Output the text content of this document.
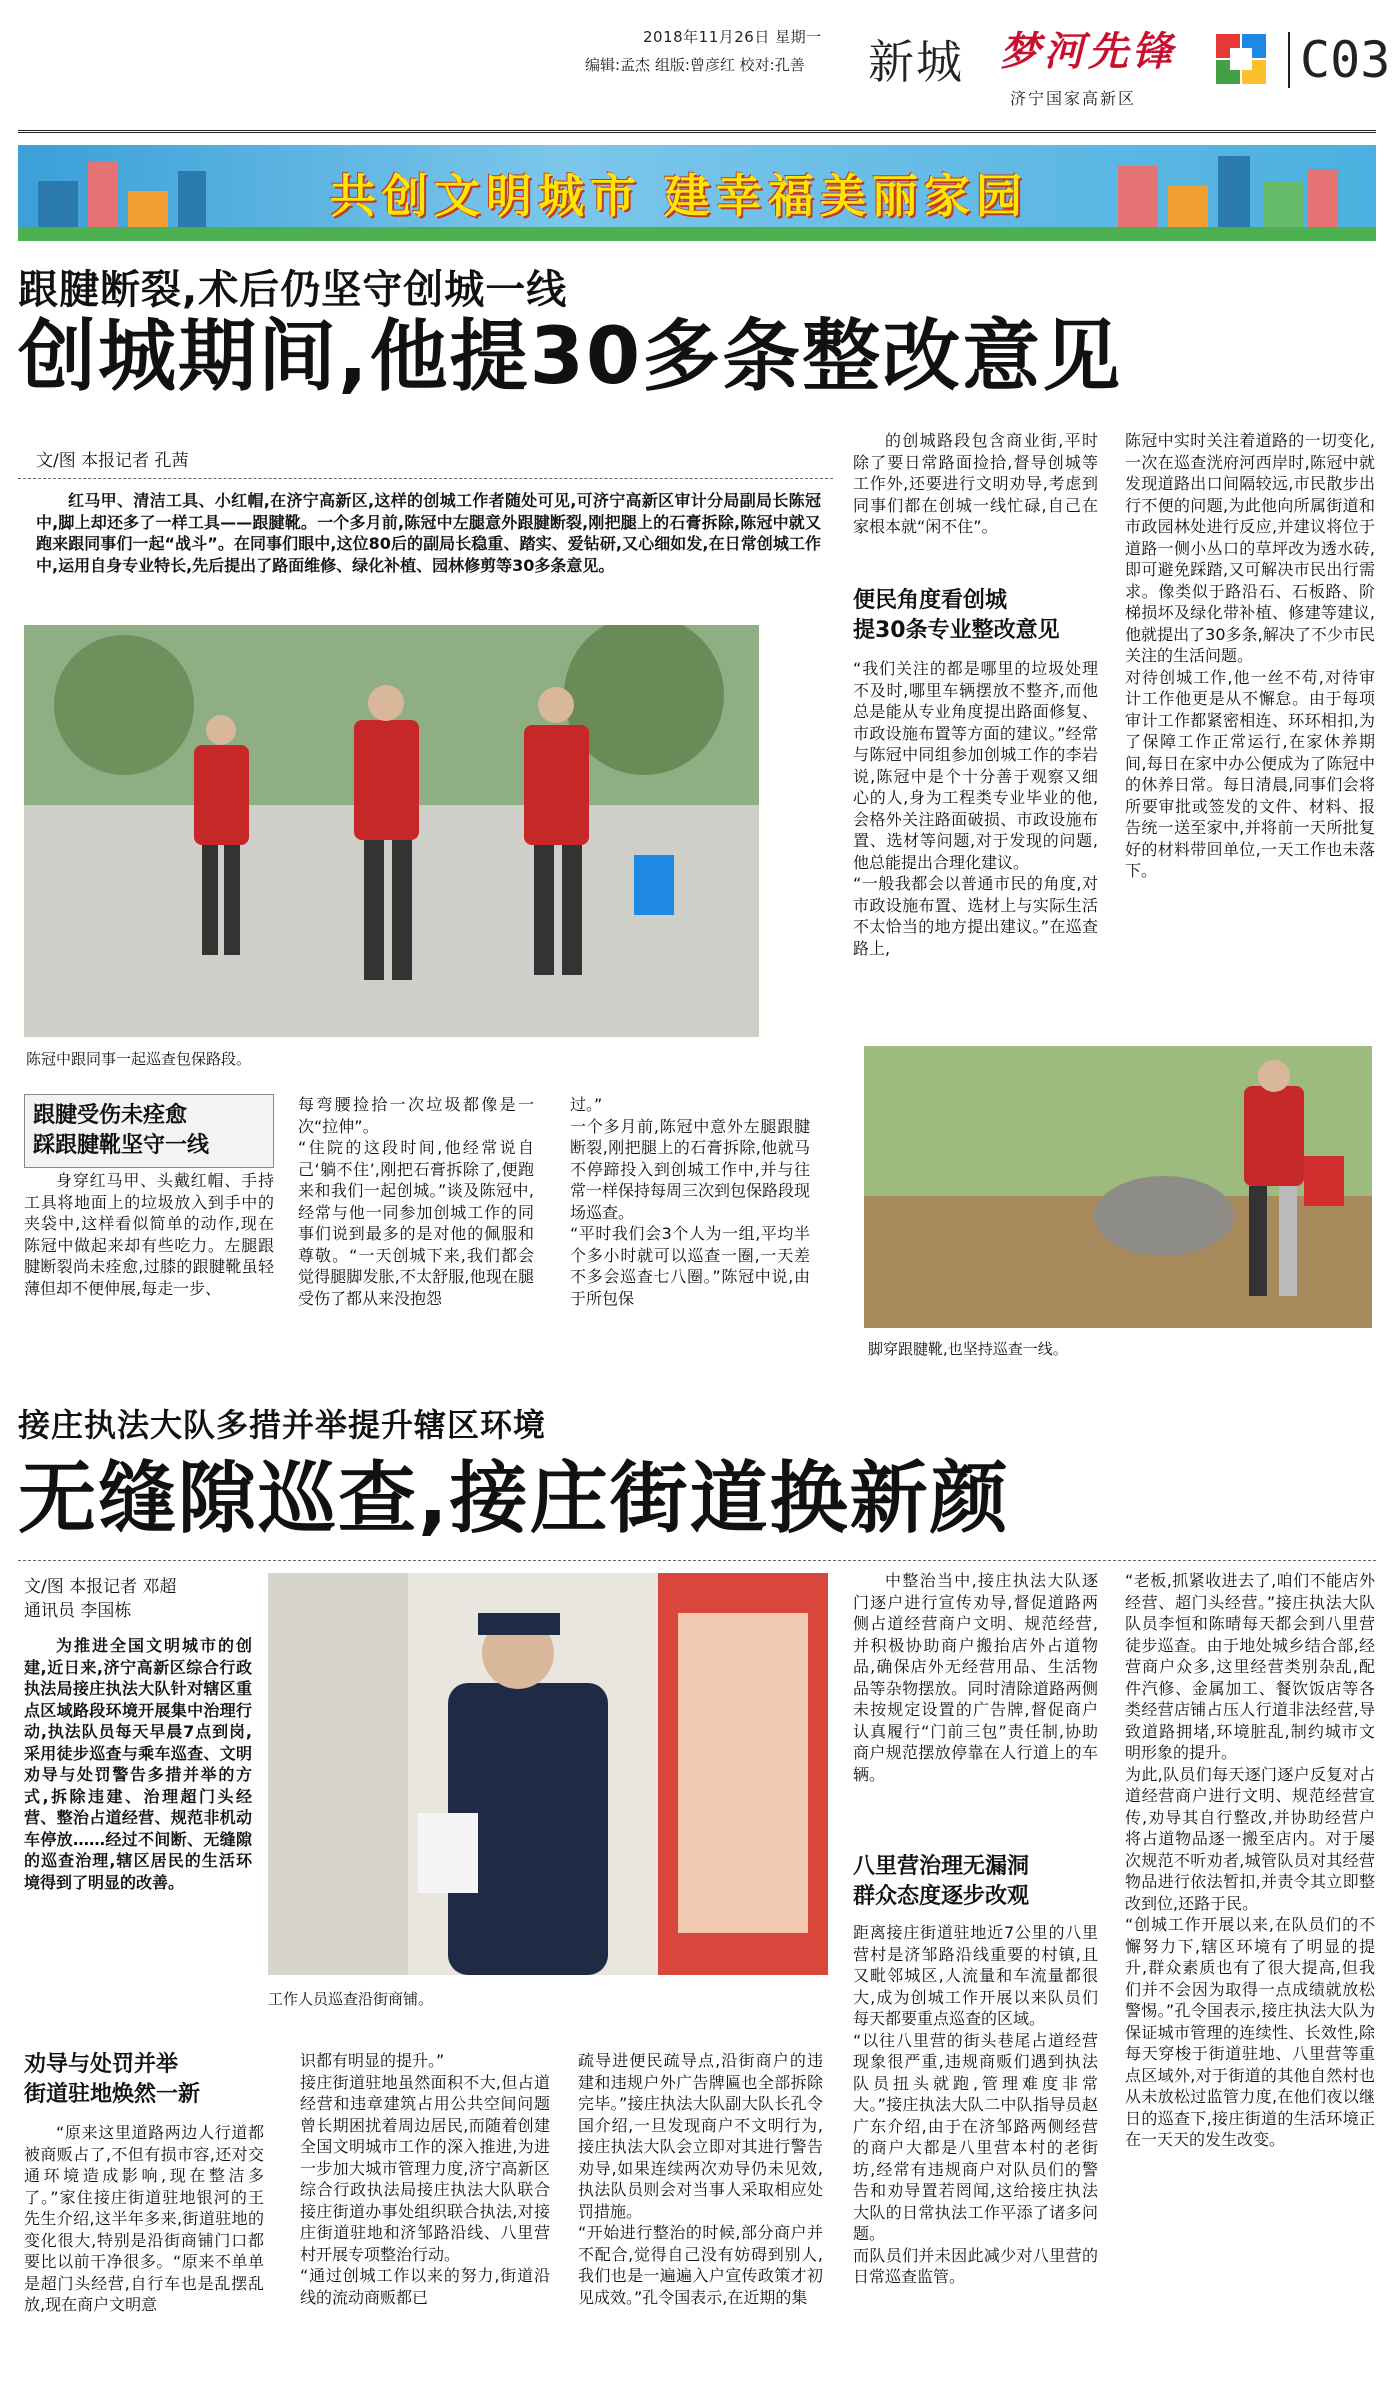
2018年11月26日 星期一
编辑:孟杰 组版:曾彦红 校对:孔善 新城 梦河先锋
济宁国家高新区
C03
共创文明城市 建幸福美丽家园
跟腱断裂,术后仍坚守创城一线
创城期间,他提30多条整改意见
文/图 本报记者 孔茜

红马甲、清洁工具、小红帽,在济宁高新区,这样的创城工作者随处可见,可济宁高新区审计分局副局长陈冠中,脚上却还多了一样工具——跟腱靴。一个多月前,陈冠中左腿意外跟腱断裂,刚把腿上的石膏拆除,陈冠中就又跑来跟同事们一起“战斗”。在同事们眼中,这位80后的副局长稳重、踏实、爱钻研,又心细如发,在日常创城工作中,运用自身专业特长,先后提出了路面维修、绿化补植、园林修剪等30多条意见。

陈冠中跟同事一起巡查包保路段。
跟腱受伤未痊愈
踩跟腱靴坚守一线

身穿红马甲、头戴红帽、手持工具将地面上的垃圾放入到手中的夹袋中,这样看似简单的动作,现在陈冠中做起来却有些吃力。左腿跟腱断裂尚未痊愈,过膝的跟腱靴虽轻薄但却不便伸展,每走一步、

每弯腰捡拾一次垃圾都像是一次“拉伸”。
“住院的这段时间,他经常说自己‘躺不住’,刚把石膏拆除了,便跑来和我们一起创城。”谈及陈冠中,经常与他一同参加创城工作的同事们说到最多的是对他的佩服和尊敬。“一天创城下来,我们都会觉得腿脚发胀,不太舒服,他现在腿受伤了都从来没抱怨
过。”
一个多月前,陈冠中意外左腿跟腱断裂,刚把腿上的石膏拆除,他就马不停蹄投入到创城工作中,并与往常一样保持每周三次到包保路段现场巡查。
“平时我们会3个人为一组,平均半个多小时就可以巡查一圈,一天差不多会巡查七八圈。”陈冠中说,由于所包保

的创城路段包含商业街,平时除了要日常路面捡拾,督导创城等工作外,还要进行文明劝导,考虑到同事们都在创城一线忙碌,自己在家根本就“闲不住”。

便民角度看创城
提30条专业整改意见
“我们关注的都是哪里的垃圾处理不及时,哪里车辆摆放不整齐,而他总是能从专业角度提出路面修复、市政设施布置等方面的建议。”经常与陈冠中同组参加创城工作的李岩说,陈冠中是个十分善于观察又细心的人,身为工程类专业毕业的他,会格外关注路面破损、市政设施布置、选材等问题,对于发现的问题,他总能提出合理化建议。
“一般我都会以普通市民的角度,对市政设施布置、选材上与实际生活不太恰当的地方提出建议。”在巡查路上,
陈冠中实时关注着道路的一切变化,一次在巡查洸府河西岸时,陈冠中就发现道路出口间隔较远,市民散步出行不便的问题,为此他向所属街道和市政园林处进行反应,并建议将位于道路一侧小丛口的草坪改为透水砖,即可避免踩踏,又可解决市民出行需求。像类似于路沿石、石板路、阶梯损坏及绿化带补植、修建等建议,他就提出了30多条,解决了不少市民关注的生活问题。
对待创城工作,他一丝不苟,对待审计工作他更是从不懈怠。由于每项审计工作都紧密相连、环环相扣,为了保障工作正常运行,在家休养期间,每日在家中办公便成为了陈冠中的休养日常。每日清晨,同事们会将所要审批或签发的文件、材料、报告统一送至家中,并将前一天所批复好的材料带回单位,一天工作也未落下。
脚穿跟腱靴,也坚持巡查一线。
接庄执法大队多措并举提升辖区环境
无缝隙巡查,接庄街道换新颜
文/图 本报记者 邓超
通讯员 李国栋

为推进全国文明城市的创建,近日来,济宁高新区综合行政执法局接庄执法大队针对辖区重点区域路段环境开展集中治理行动,执法队员每天早晨7点到岗,采用徒步巡查与乘车巡查、文明劝导与处罚警告多措并举的方式,拆除违建、治理超门头经营、整治占道经营、规范非机动车停放……经过不间断、无缝隙的巡查治理,辖区居民的生活环境得到了明显的改善。

工作人员巡查沿街商铺。
劝导与处罚并举
街道驻地焕然一新

“原来这里道路两边人行道都被商贩占了,不但有损市容,还对交通环境造成影响,现在整洁多了。”家住接庄街道驻地银河的王先生介绍,这半年多来,街道驻地的变化很大,特别是沿街商铺门口都要比以前干净很多。“原来不单单是超门头经营,自行车也是乱摆乱放,现在商户文明意

识都有明显的提升。”
接庄街道驻地虽然面积不大,但占道经营和违章建筑占用公共空间问题曾长期困扰着周边居民,而随着创建全国文明城市工作的深入推进,为进一步加大城市管理力度,济宁高新区综合行政执法局接庄执法大队联合接庄街道办事处组织联合执法,对接庄街道驻地和济邹路沿线、八里营村开展专项整治行动。
“通过创城工作以来的努力,街道沿线的流动商贩都已
疏导进便民疏导点,沿街商户的违建和违规户外广告牌匾也全部拆除完毕。”接庄执法大队副大队长孔令国介绍,一旦发现商户不文明行为,接庄执法大队会立即对其进行警告劝导,如果连续两次劝导仍未见效,执法队员则会对当事人采取相应处罚措施。
“开始进行整治的时候,部分商户并不配合,觉得自己没有妨碍到别人,我们也是一遍遍入户宣传政策才初见成效。”孔令国表示,在近期的集

中整治当中,接庄执法大队逐门逐户进行宣传劝导,督促道路两侧占道经营商户文明、规范经营,并积极协助商户搬抬店外占道物品,确保店外无经营用品、生活物品等杂物摆放。同时清除道路两侧未按规定设置的广告牌,督促商户认真履行“门前三包”责任制,协助商户规范摆放停靠在人行道上的车辆。

八里营治理无漏洞
群众态度逐步改观
距离接庄街道驻地近7公里的八里营村是济邹路沿线重要的村镇,且又毗邻城区,人流量和车流量都很大,成为创城工作开展以来队员们每天都要重点巡查的区域。
“以往八里营的街头巷尾占道经营现象很严重,违规商贩们遇到执法队员扭头就跑,管理难度非常大。”接庄执法大队二中队指导员赵广东介绍,由于在济邹路两侧经营的商户大都是八里营本村的老街坊,经常有违规商户对队员们的警告和劝导置若罔闻,这给接庄执法大队的日常执法工作平添了诸多问题。
而队员们并未因此减少对八里营的日常巡查监管。
“老板,抓紧收进去了,咱们不能店外经营、超门头经营。”接庄执法大队队员李恒和陈晴每天都会到八里营徒步巡查。由于地处城乡结合部,经营商户众多,这里经营类别杂乱,配件汽修、金属加工、餐饮饭店等各类经营店铺占压人行道非法经营,导致道路拥堵,环境脏乱,制约城市文明形象的提升。
为此,队员们每天逐门逐户反复对占道经营商户进行文明、规范经营宣传,劝导其自行整改,并协助经营户将占道物品逐一搬至店内。对于屡次规范不听劝者,城管队员对其经营物品进行依法暂扣,并责令其立即整改到位,还路于民。
“创城工作开展以来,在队员们的不懈努力下,辖区环境有了明显的提升,群众素质也有了很大提高,但我们并不会因为取得一点成绩就放松警惕。”孔令国表示,接庄执法大队为保证城市管理的连续性、长效性,除每天穿梭于街道驻地、八里营等重点区域外,对于街道的其他自然村也从未放松过监管力度,在他们夜以继日的巡查下,接庄街道的生活环境正在一天天的发生改变。
